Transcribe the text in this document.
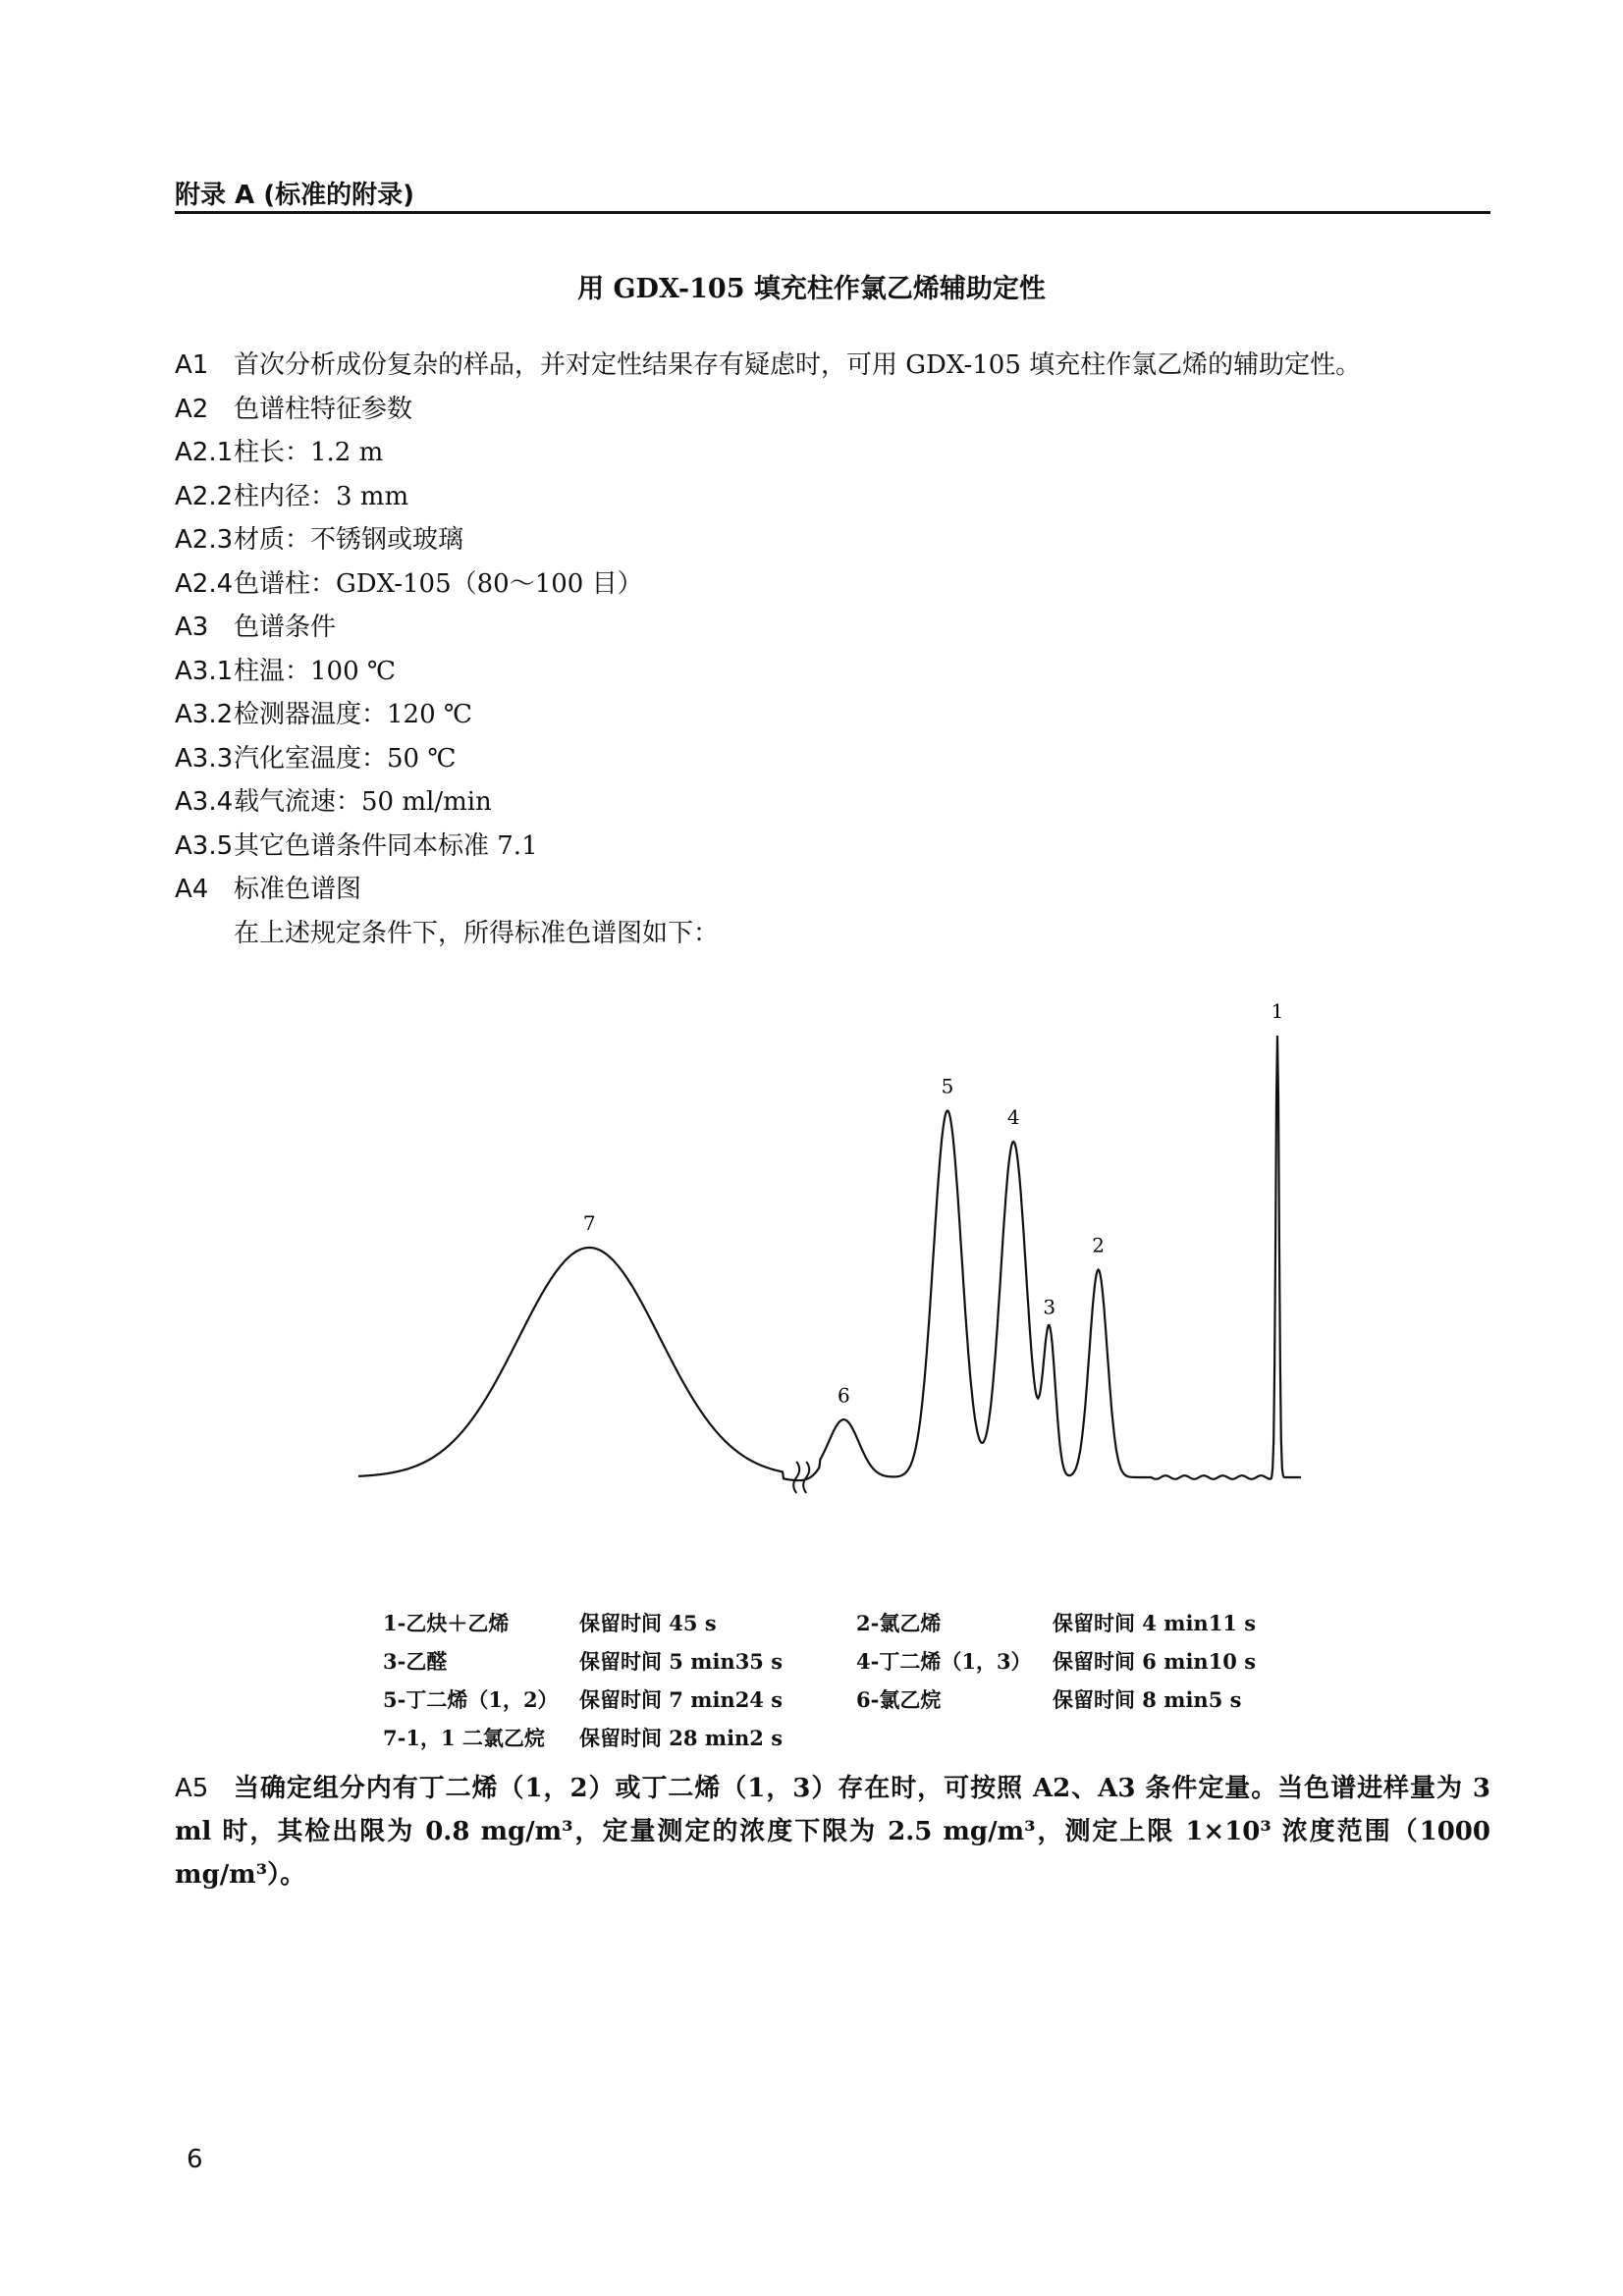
附录 A (标准的附录)
用 GDX-105 填充柱作氯乙烯辅助定性
A1 首次分析成份复杂的样品，并对定性结果存有疑虑时，可用 GDX-105 填充柱作氯乙烯的辅助定性。
A2 色谱柱特征参数
A2.1 柱长：1.2 m
A2.2 柱内径：3 mm
A2.3 材质：不锈钢或玻璃
A2.4 色谱柱：GDX-105（80～100 目）
A3 色谱条件
A3.1 柱温：100 ℃
A3.2 检测器温度：120 ℃
A3.3 汽化室温度：50 ℃
A3.4 载气流速：50 ml/min
A3.5 其它色谱条件同本标准 7.1
A4 标准色谱图
在上述规定条件下，所得标准色谱图如下：
7
6
5
4
3
2
1
1-乙炔＋乙烯	保留时间 45 s	2-氯乙烯	保留时间 4 min11 s
3-乙醛	保留时间 5 min35 s	4-丁二烯（1，3） 保留时间 6 min10 s
5-丁二烯（1，2） 保留时间 7 min24 s	6-氯乙烷	保留时间 8 min5 s
7-1，1 二氯乙烷 保留时间 28 min2 s
A5 当确定组分内有丁二烯（1，2）或丁二烯（1，3）存在时，可按照 A2、A3 条件定量。当色谱进样量为 3 ml 时，其检出限为 0.8 mg/m³，定量测定的浓度下限为 2.5 mg/m³，测定上限 1×10³ 浓度范围（1000 mg/m³）。
6
